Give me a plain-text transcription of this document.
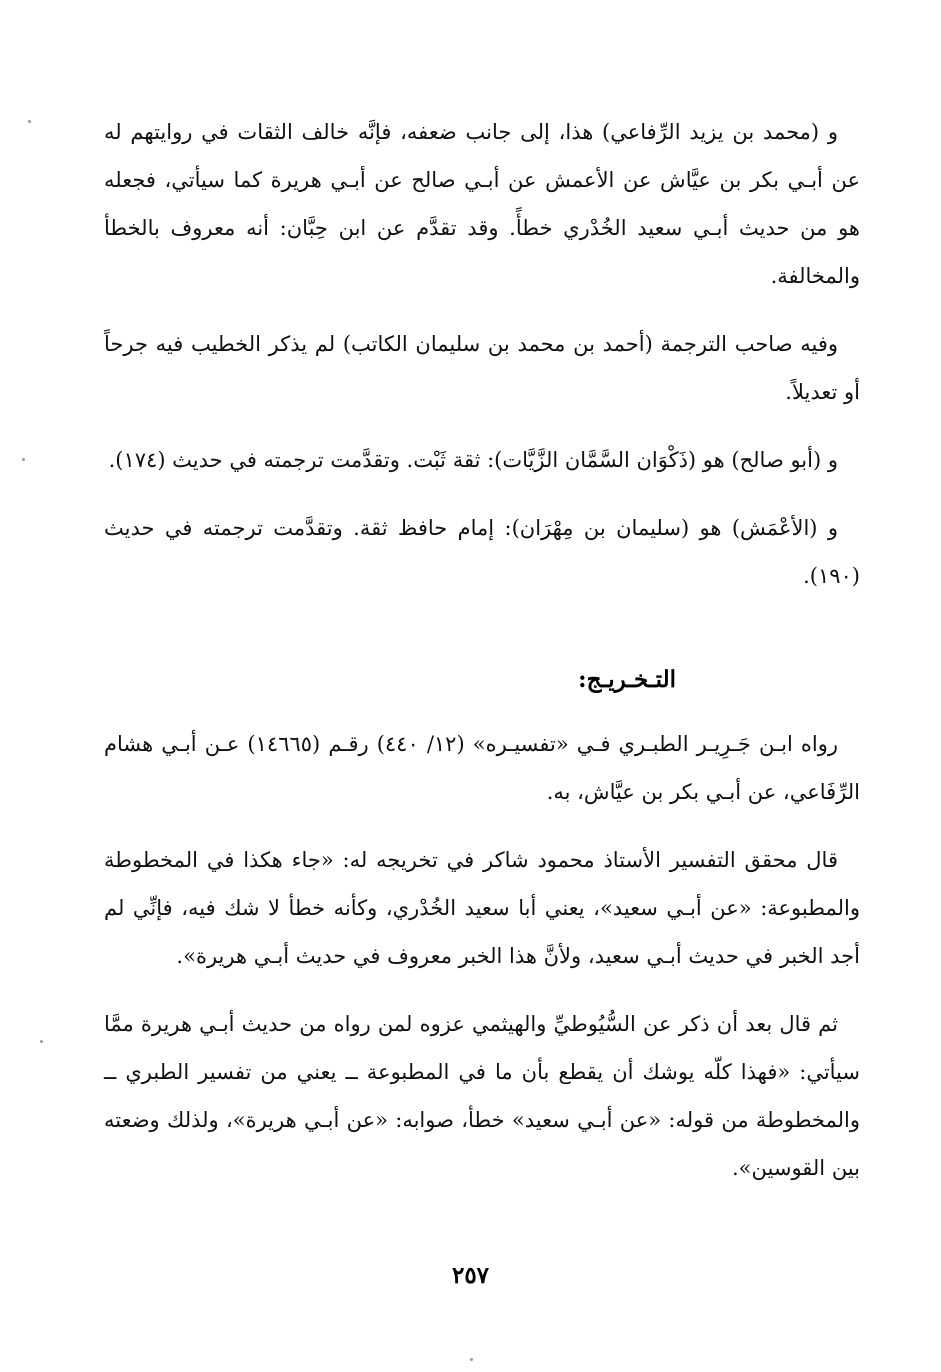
و (محمد بن يزيد الرِّفاعي) هذا، إلى جانب ضعفه، فإنَّه خالف الثقات في روايتهم له عن أبـي بكر بن عيَّاش عن الأعمش عن أبـي صالح عن أبـي هريرة كما سيأتي، فجعله هو من حديث أبـي سعيد الخُدْري خطأً. وقد تقدَّم عن ابن حِبَّان: أنه معروف بالخطأ والمخالفة.

وفيه صاحب الترجمة (أحمد بن محمد بن سليمان الكاتب) لم يذكر الخطيب فيه جرحاً أو تعديلاً.

و (أبو صالح) هو (ذَكْوَان السَّمَّان الزَّيَّات): ثقة ثَبْت. وتقدَّمت ترجمته في حديث (١٧٤).

و (الأعْمَش) هو (سليمان بن مِهْرَان): إمام حافظ ثقة. وتقدَّمت ترجمته في حديث (١٩٠).

التـخـريـج:

رواه ابـن جَـرِيـر الطبـري فـي «تفسيـره» (١٢/ ٤٤٠) رقـم (١٤٦٦٥) عـن أبـي هشام الرِّفَاعي، عن أبـي بكر بن عيَّاش، به.

قال محقق التفسير الأستاذ محمود شاكر في تخريجه له: «جاء هكذا في المخطوطة والمطبوعة: «عن أبـي سعيد»، يعني أبا سعيد الخُدْري، وكأنه خطأ لا شك فيه، فإنِّي لم أجد الخبر في حديث أبـي سعيد، ولأنَّ هذا الخبر معروف في حديث أبـي هريرة».

ثم قال بعد أن ذكر عن السُّيُوطيِّ والهيثمي عزوه لمن رواه من حديث أبـي هريرة ممَّا سيأتي: «فهذا كلّه يوشك أن يقطع بأن ما في المطبوعة ــ يعني من تفسير الطبري ــ والمخطوطة من قوله: «عن أبـي سعيد» خطأ، صوابه: «عن أبـي هريرة»، ولذلك وضعته بين القوسين».

٢٥٧
